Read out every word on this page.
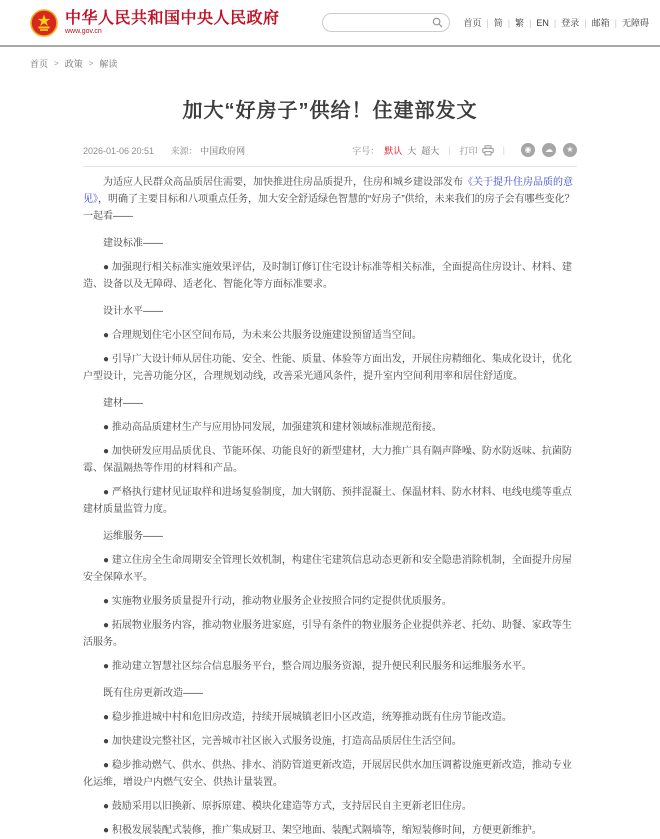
中华人民共和国中央人民政府
www.gov.cn
首页 | 简 | 繁 | EN | 登录 | 邮箱 | 无障碍
首页 > 政策 > 解读
加大“好房子”供给！住建部发文
2026-01-06 20:51 来源： 中国政府网	字号： 默认 大 超大 | 打印	|	◉	☁	★

为适应人民群众高品质居住需要，加快推进住房品质提升，住房和城乡建设部发布《关于提升住房品质的意见》，明确了主要目标和八项重点任务，加大安全舒适绿色智慧的“好房子”供给，未来我们的房子会有哪些变化？一起看——

建设标准——

● 加强现行相关标准实施效果评估，及时制订修订住宅设计标准等相关标准，全面提高住房设计、材料、建造、设备以及无障碍、适老化、智能化等方面标准要求。

设计水平——

● 合理规划住宅小区空间布局，为未来公共服务设施建设预留适当空间。

● 引导广大设计师从居住功能、安全、性能、质量、体验等方面出发，开展住房精细化、集成化设计，优化户型设计，完善功能分区，合理规划动线，改善采光通风条件，提升室内空间利用率和居住舒适度。

建材——

● 推动高品质建材生产与应用协同发展，加强建筑和建材领域标准规范衔接。

● 加快研发应用品质优良、节能环保、功能良好的新型建材，大力推广具有隔声降噪、防水防返味、抗菌防霉、保温隔热等作用的材料和产品。

● 严格执行建材见证取样和进场复验制度，加大钢筋、预拌混凝土、保温材料、防水材料、电线电缆等重点建材质量监管力度。

运维服务——

● 建立住房全生命周期安全管理长效机制，构建住宅建筑信息动态更新和安全隐患消除机制，全面提升房屋安全保障水平。

● 实施物业服务质量提升行动，推动物业服务企业按照合同约定提供优质服务。

● 拓展物业服务内容，推动物业服务进家庭，引导有条件的物业服务企业提供养老、托幼、助餐、家政等生活服务。

● 推动建立智慧社区综合信息服务平台，整合周边服务资源，提升便民利民服务和运维服务水平。

既有住房更新改造——

● 稳步推进城中村和危旧房改造，持续开展城镇老旧小区改造，统筹推动既有住房节能改造。

● 加快建设完整社区，完善城市社区嵌入式服务设施，打造高品质居住生活空间。

● 稳步推动燃气、供水、供热、排水、消防管道更新改造，开展居民供水加压调蓄设施更新改造，推动专业化运维，增设户内燃气安全、供热计量装置。

● 鼓励采用以旧换新、原拆原建、模块化建造等方式，支持居民自主更新老旧住房。

● 积极发展装配式装修，推广集成厨卫、架空地面、装配式隔墙等，缩短装修时间，方便更新维护。
